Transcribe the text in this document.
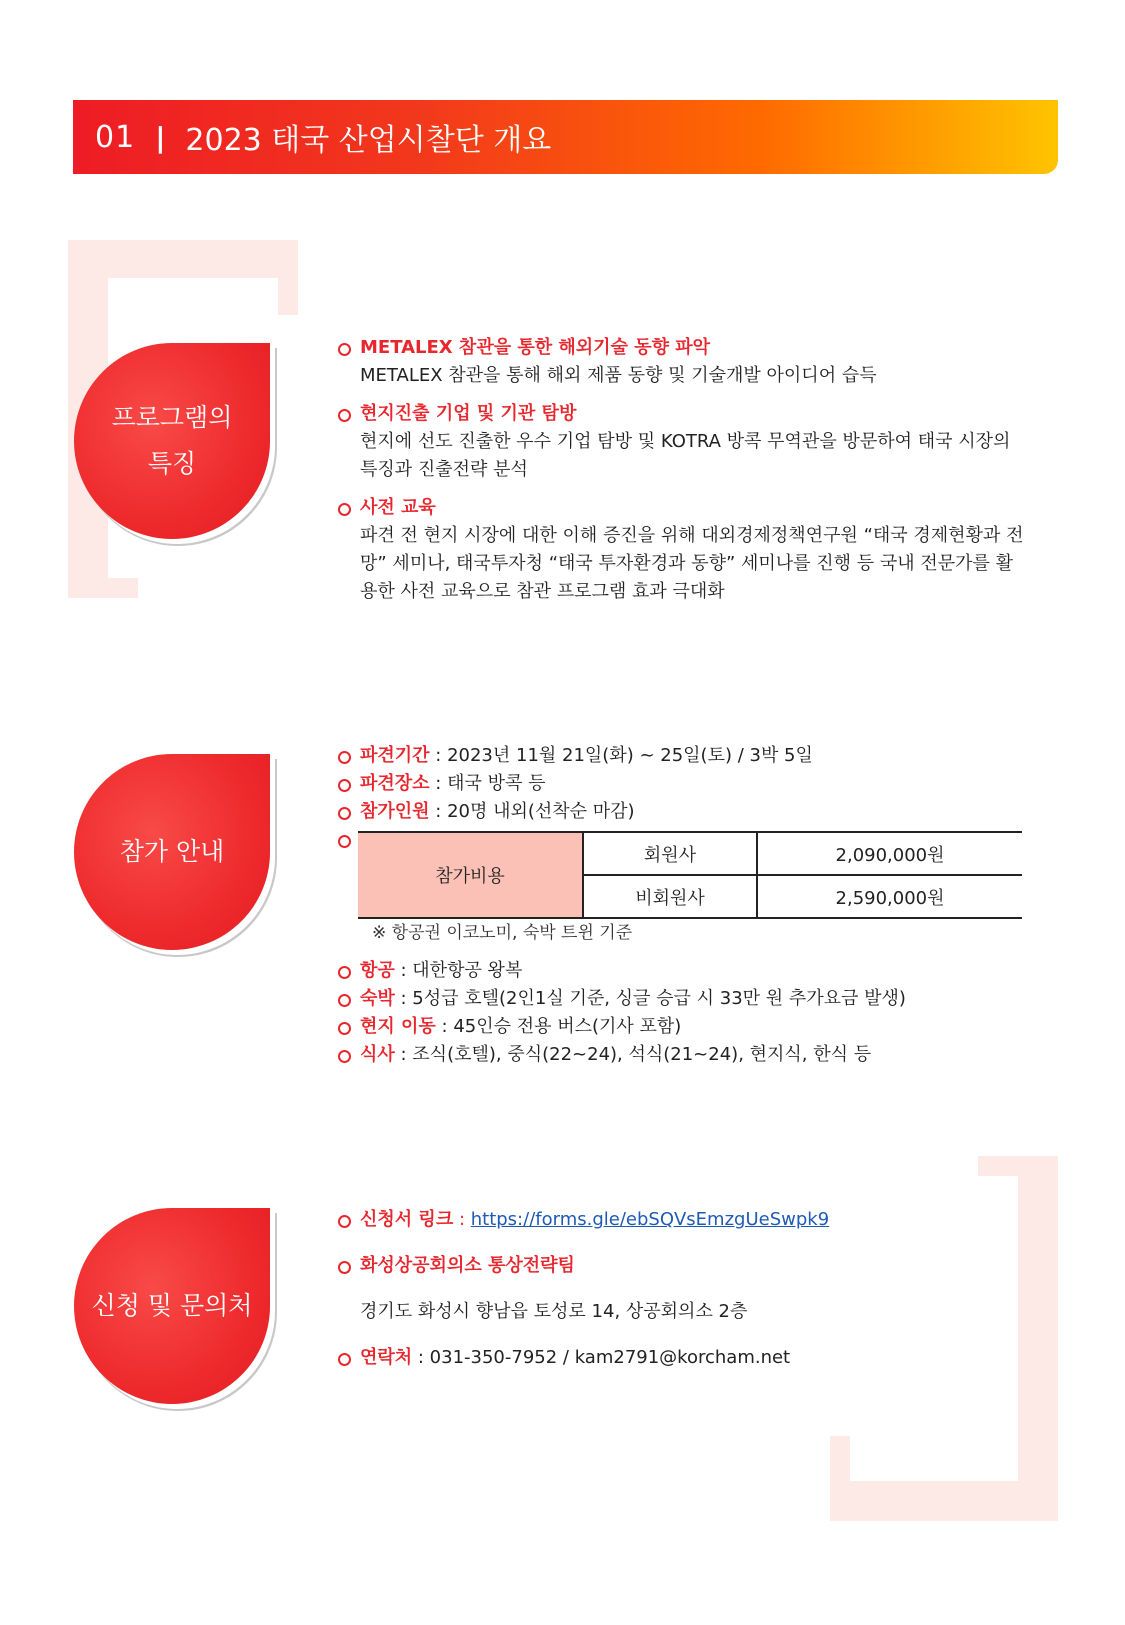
01 | 2023 태국 산업시찰단 개요
프로그램의
특징
참가 안내
신청 및 문의처
METALEX 참관을 통한 해외기술 동향 파악
METALEX 참관을 통해 해외 제품 동향 및 기술개발 아이디어 습득
현지진출 기업 및 기관 탐방
현지에 선도 진출한 우수 기업 탐방 및 KOTRA 방콕 무역관을 방문하여 태국 시장의 특징과 진출전략 분석
사전 교육
파견 전 현지 시장에 대한 이해 증진을 위해 대외경제정책연구원 “태국 경제현황과 전망” 세미나, 태국투자청 “태국 투자환경과 동향” 세미나를 진행 등 국내 전문가를 활용한 사전 교육으로 참관 프로그램 효과 극대화
파견기간 : 2023년 11월 21일(화) ~ 25일(토) / 3박 5일
파견장소 : 태국 방콕 등
참가인원 : 20명 내외(선착순 마감)
참가비용	회원사	2,090,000원
	비회원사	2,590,000원
※ 항공권 이코노미, 숙박 트윈 기준
항공 : 대한항공 왕복
숙박 : 5성급 호텔(2인1실 기준, 싱글 승급 시 33만 원 추가요금 발생)
현지 이동 : 45인승 전용 버스(기사 포함)
식사 : 조식(호텔), 중식(22~24), 석식(21~24), 현지식, 한식 등
신청서 링크 : https://forms.gle/ebSQVsEmzgUeSwpk9
화성상공회의소 통상전략팀
경기도 화성시 향남읍 토성로 14, 상공회의소 2층
연락처 : 031-350-7952 / kam2791@korcham.net
